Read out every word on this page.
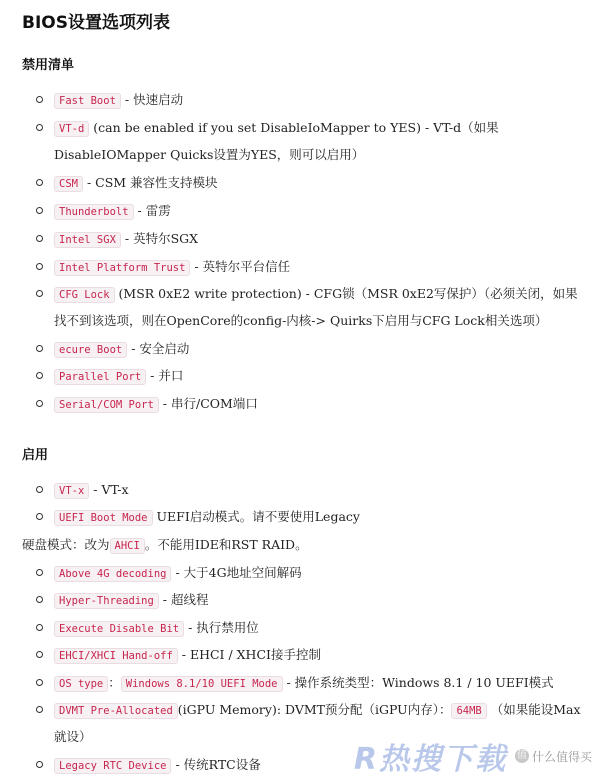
BIOS设置选项列表
禁用清单
Fast Boot - 快速启动
VT-d (can be enabled if you set DisableIoMapper to YES) - VT-d（如果DisableIOMapper Quicks设置为YES，则可以启用）
CSM - CSM 兼容性支持模块
Thunderbolt - 雷雳
Intel SGX - 英特尔SGX
Intel Platform Trust - 英特尔平台信任
CFG Lock (MSR 0xE2 write protection) - CFG锁（MSR 0xE2写保护）（必须关闭，如果找不到该选项，则在OpenCore的config-内核-> Quirks下启用与CFG Lock相关选项）
ecure Boot - 安全启动
Parallel Port - 并口
Serial/COM Port - 串行/COM端口
启用
VT-x - VT-x
UEFI Boot Mode UEFI启动模式。请不要使用Legacy
硬盘模式：改为 AHCI 。不能用IDE和RST RAID。
Above 4G decoding - 大于4G地址空间解码
Hyper-Threading - 超线程
Execute Disable Bit - 执行禁用位
EHCI/XHCI Hand-off - EHCI / XHCI接手控制
OS type ： Windows 8.1/10 UEFI Mode - 操作系统类型：Windows 8.1 / 10 UEFI模式
DVMT Pre-Allocated (iGPU Memory): DVMT预分配（iGPU内存）： 64MB （如果能设Max就设）
Legacy RTC Device - 传统RTC设备	R热搜下载 值 什么值得买
